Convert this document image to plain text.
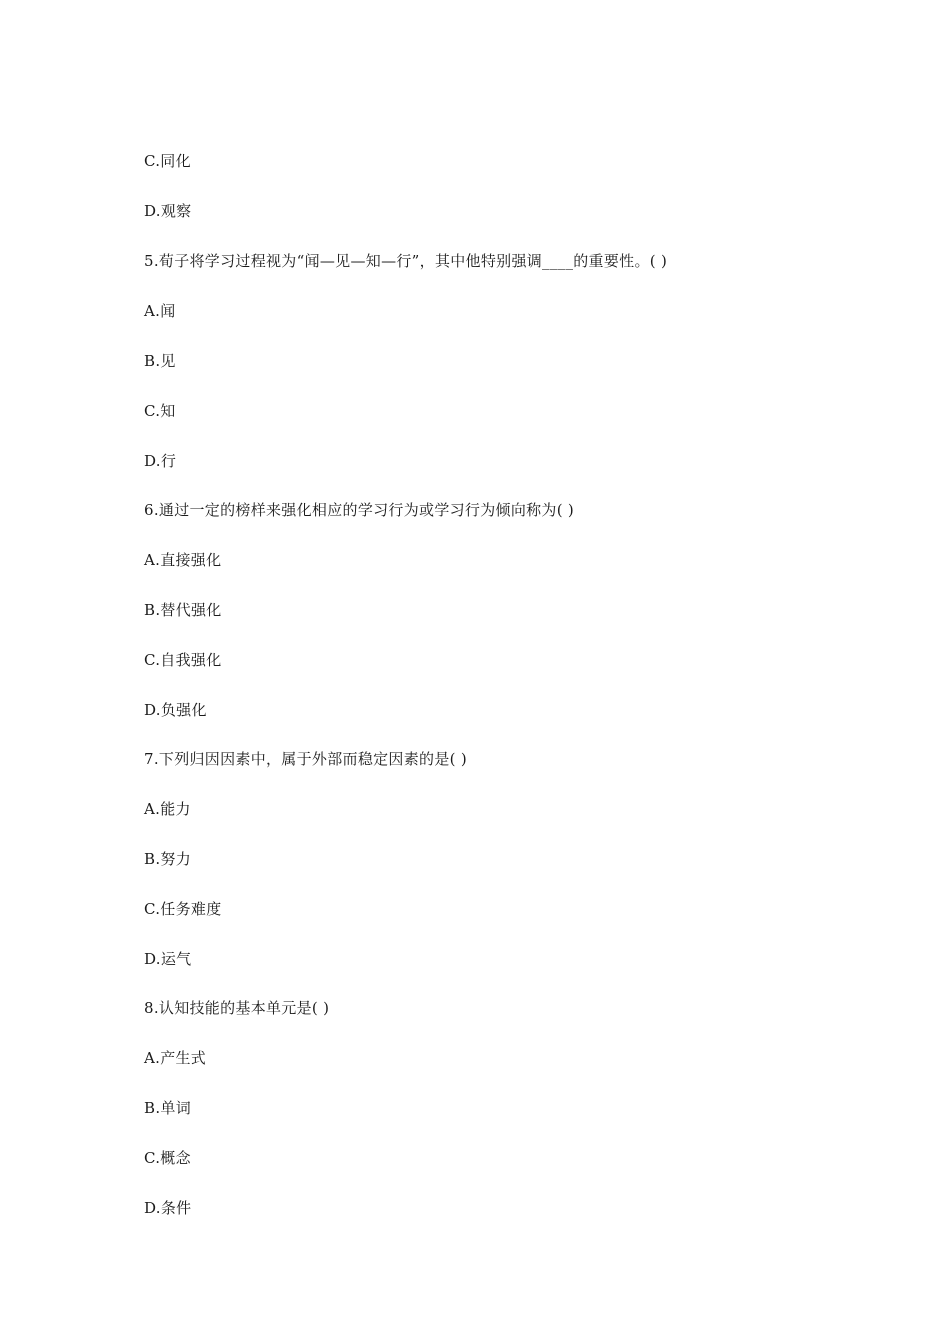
C.同化
D.观察
5.荀子将学习过程视为“闻—见—知—行”，其中他特别强调____的重要性。( )
A.闻
B.见
C.知
D.行
6.通过一定的榜样来强化相应的学习行为或学习行为倾向称为( )
A.直接强化
B.替代强化
C.自我强化
D.负强化
7.下列归因因素中，属于外部而稳定因素的是( )
A.能力
B.努力
C.任务难度
D.运气
8.认知技能的基本单元是( )
A.产生式
B.单词
C.概念
D.条件
